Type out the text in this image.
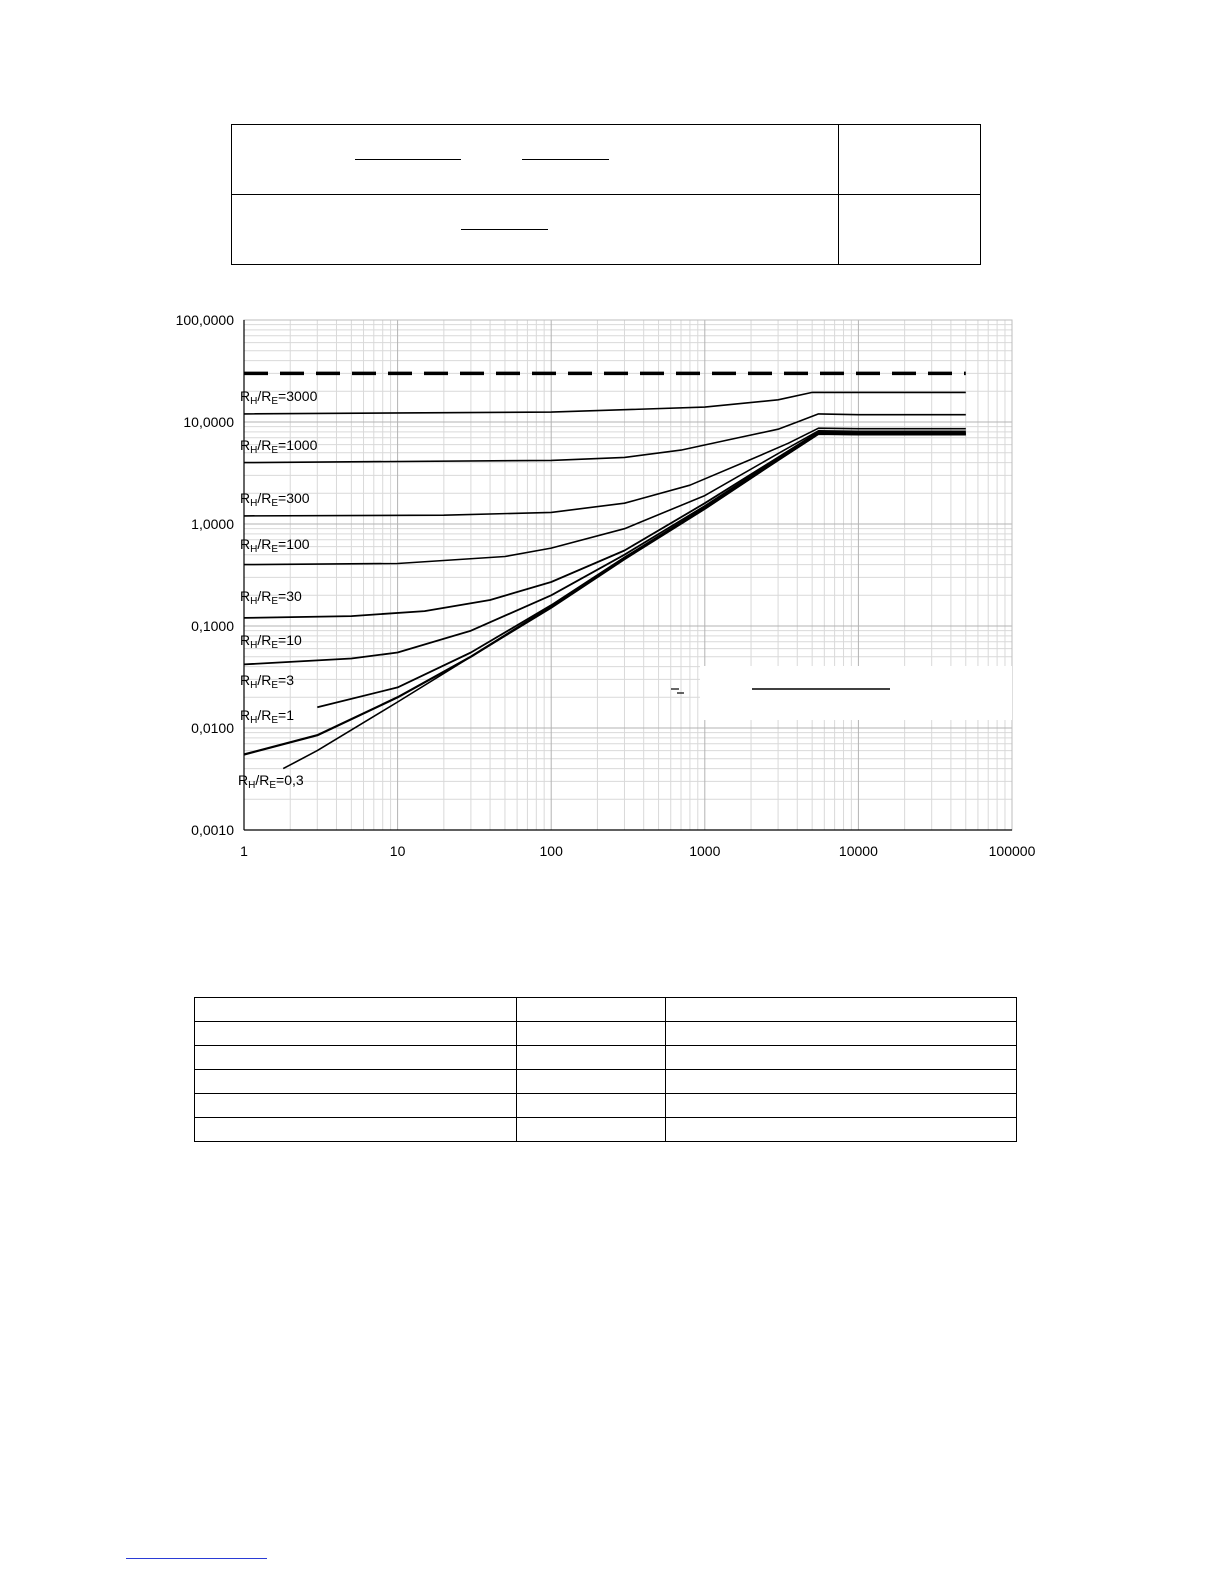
1	10	100	1000	10000	100000
100,0000
10,0000
1,0000
0,1000
0,0100
0,0010
$R_H/R_E=3000$
$R_H/R_E=1000$
$R_H/R_E=300$
$R_H/R_E=100$
$R_H/R_E=30$
$R_H/R_E=10$
$R_H/R_E=3$
$R_H/R_E=1$
$R_H/R_E=0,3$
